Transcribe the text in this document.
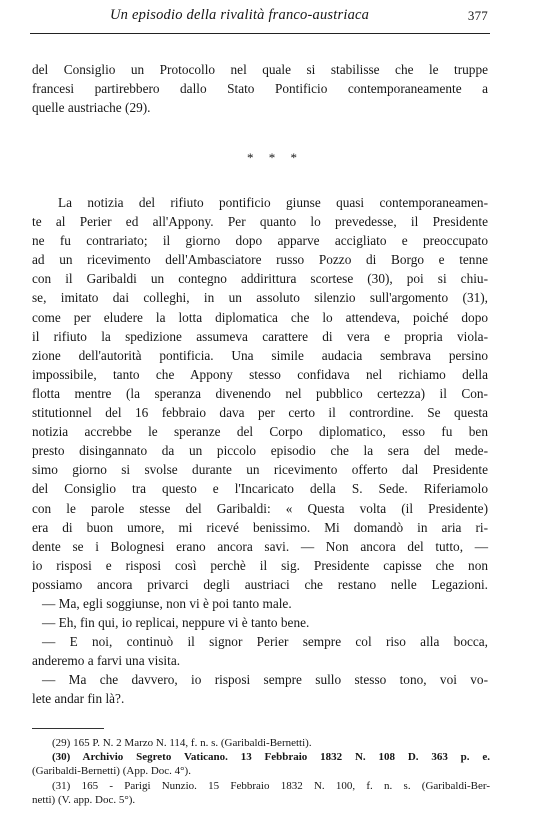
Un episodio della rivalità franco-austriaca	377
del Consiglio un Protocollo nel quale si stabilisse che le truppe
francesi partirebbero dallo Stato Pontificio contemporaneamente a
quelle austriache (29).
* * *
La notizia del rifiuto pontificio giunse quasi contemporaneamen-
te al Perier ed all'Appony. Per quanto lo prevedesse, il Presidente
ne fu contrariato; il giorno dopo apparve accigliato e preoccupato
ad un ricevimento dell'Ambasciatore russo Pozzo di Borgo e tenne
con il Garibaldi un contegno addirittura scortese (30), poi si chiu-
se, imitato dai colleghi, in un assoluto silenzio sull'argomento (31),
come per eludere la lotta diplomatica che lo attendeva, poiché dopo
il rifiuto la spedizione assumeva carattere di vera e propria viola-
zione dell'autorità pontificia. Una simile audacia sembrava persino
impossibile, tanto che Appony stesso confidava nel richiamo della
flotta mentre (la speranza divenendo nel pubblico certezza) il Con-
stitutionnel del 16 febbraio dava per certo il contrordine. Se questa
notizia accrebbe le speranze del Corpo diplomatico, esso fu ben
presto disingannato da un piccolo episodio che la sera del mede-
simo giorno si svolse durante un ricevimento offerto dal Presidente
del Consiglio tra questo e l'Incaricato della S. Sede. Riferiamolo
con le parole stesse del Garibaldi: « Questa volta (il Presidente)
era di buon umore, mi ricevé benissimo. Mi domandò in aria ri-
dente se i Bolognesi erano ancora savi. — Non ancora del tutto, —
io risposi e risposi così perchè il sig. Presidente capisse che non
possiamo ancora privarci degli austriaci che restano nelle Legazioni.
— Ma, egli soggiunse, non vi è poi tanto male.
— Eh, fin qui, io replicai, neppure vi è tanto bene.
— E noi, continuò il signor Perier sempre col riso alla bocca,
anderemo a farvi una visita.
— Ma che davvero, io risposi sempre sullo stesso tono, voi vo-
lete andar fin là?.
(29) 165 P. N. 2 Marzo N. 114, f. n. s. (Garibaldi-Bernetti).
(30) Archivio Segreto Vaticano. 13 Febbraio 1832 N. 108 D. 363 p. e.
(Garibaldi-Bernetti) (App. Doc. 4°).
(31) 165 - Parigi Nunzio. 15 Febbraio 1832 N. 100, f. n. s. (Garibaldi-Ber-
netti) (V. app. Doc. 5°).
